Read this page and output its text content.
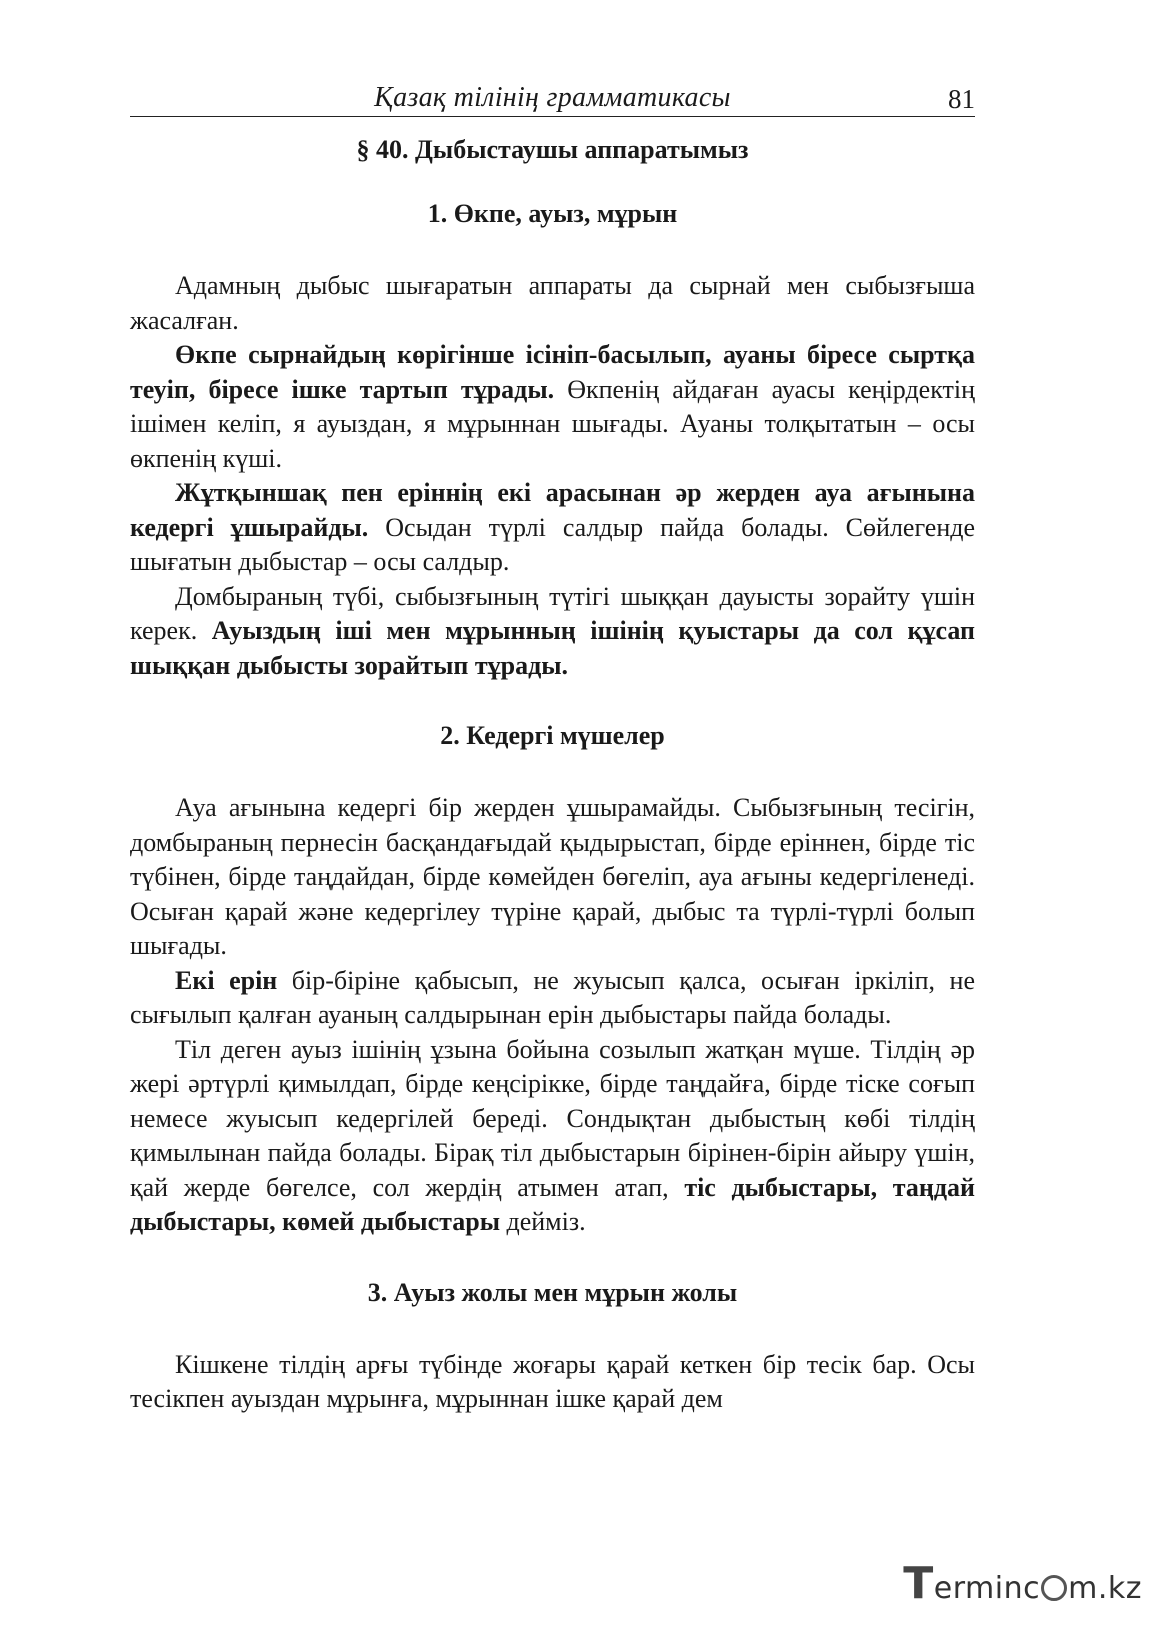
Қазақ тілінің грамматикасы	81
§ 40. Дыбыстаушы аппаратымыз
1. Өкпе, ауыз, мұрын

Адамның дыбыс шығаратын аппараты да сырнай мен сыбызғыша жасалған.

Өкпе сырнайдың көрігінше ісініп-басылып, ауаны біресе сыртқа теуіп, біресе ішке тартып тұрады. Өкпенің айдаған ауасы кеңірдектің ішімен келіп, я ауыздан, я мұрыннан шығады. Ауаны толқытатын – осы өкпенің күші.

Жұтқыншақ пен еріннің екі арасынан әр жерден ауа ағынына кедергі ұшырайды. Осыдан түрлі салдыр пайда болады. Сөйлегенде шығатын дыбыстар – осы салдыр.

Домбыраның түбі, сыбызғының түтігі шыққан дауысты зорайту үшін керек. Ауыздың іші мен мұрынның ішінің қуыстары да сол құсап шыққан дыбысты зорайтып тұрады.

2. Кедергі мүшелер

Ауа ағынына кедергі бір жерден ұшырамайды. Сыбызғының тесігін, домбыраның пернесін басқандағыдай қыдырыстап, бірде еріннен, бірде тіс түбінен, бірде таңдайдан, бірде көмейден бөгеліп, ауа ағыны кедергіленеді. Осыған қарай және кедергілеу түріне қарай, дыбыс та түрлі-түрлі болып шығады.

Екі ерін бір-біріне қабысып, не жуысып қалса, осыған іркіліп, не сығылып қалған ауаның салдырынан ерін дыбыстары пайда болады.

Тіл деген ауыз ішінің ұзына бойына созылып жатқан мүше. Тілдің әр жері әртүрлі қимылдап, бірде кеңсірікке, бірде таңдайға, бірде тіске соғып немесе жуысып кедергілей береді. Сондықтан дыбыстың көбі тілдің қимылынан пайда болады. Бірақ тіл дыбыстарын бірінен-бірін айыру үшін, қай жерде бөгелсе, сол жердің атымен атап, тіс дыбыстары, таңдай дыбыстары, көмей дыбыстары дейміз.

3. Ауыз жолы мен мұрын жолы

Кішкене тілдің арғы түбінде жоғары қарай кеткен бір тесік бар. Осы тесікпен ауыздан мұрынға, мұрыннан ішке қарай дем

Terminc m.kz
